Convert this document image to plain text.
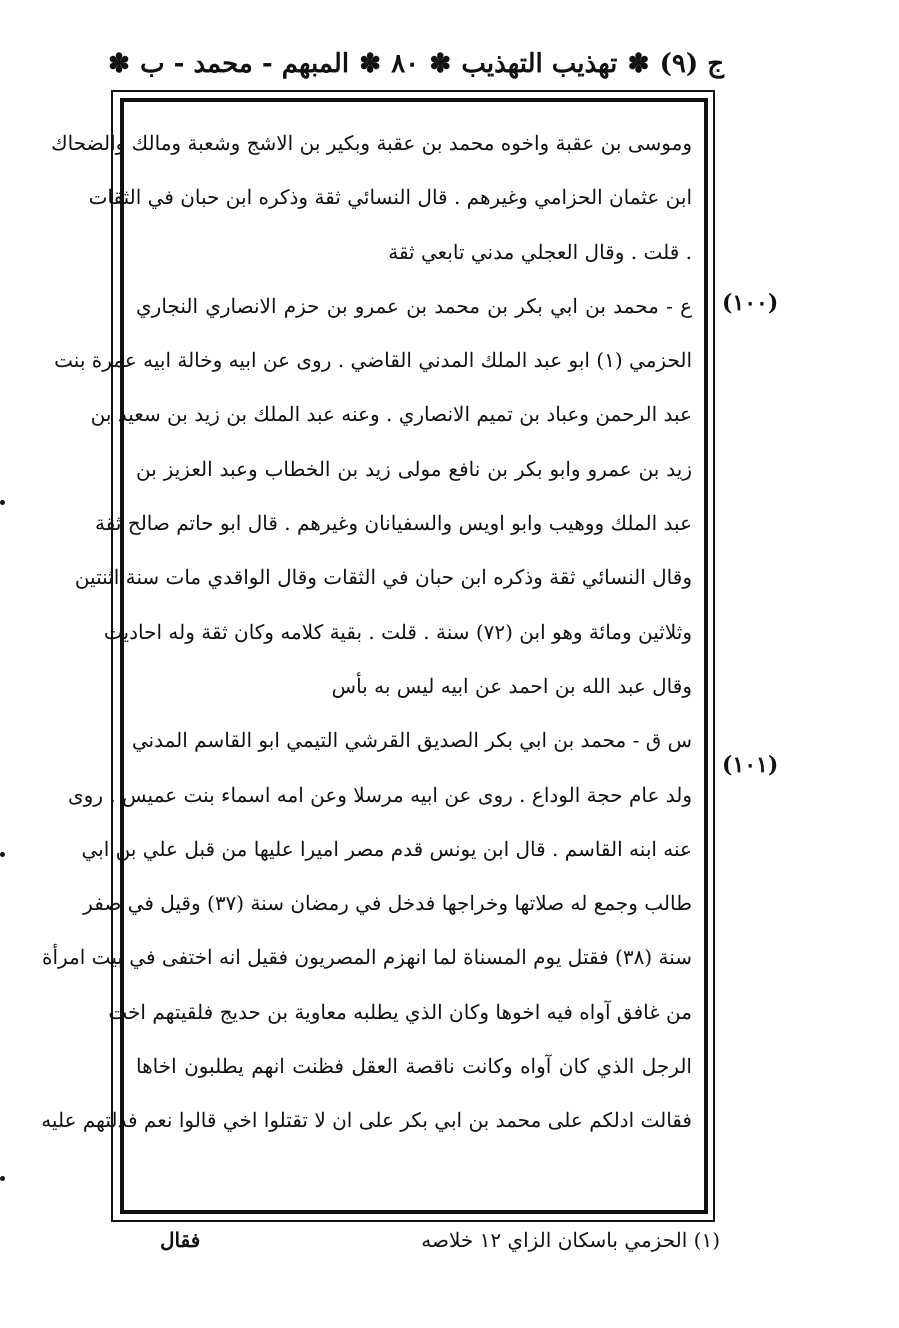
ج (٩)
✽
تهذيب التهذيب
✽
٨٠
✽
المبهم - محمد - ب
✽
وموسى بن عقبة واخوه محمد بن عقبة وبكير بن الاشج وشعبة ومالك والضحاك
ابن عثمان الحزامي وغيرهم . قال النسائي ثقة وذكره ابن حبان في الثقات
. قلت . وقال العجلي مدني تابعي ثقة
ع - محمد بن ابي بكر بن محمد بن عمرو بن حزم الانصاري النجاري
الحزمي (١) ابو عبد الملك المدني القاضي . روى عن ابيه وخالة ابيه عمرة بنت
عبد الرحمن وعباد بن تميم الانصاري . وعنه عبد الملك بن زيد بن سعيد بن
زيد بن عمرو وابو بكر بن نافع مولى زيد بن الخطاب وعبد العزيز بن
عبد الملك ووهيب وابو اويس والسفيانان وغيرهم . قال ابو حاتم صالح ثقة
وقال النسائي ثقة وذكره ابن حبان في الثقات وقال الواقدي مات سنة اثنتين
وثلاثين ومائة وهو ابن (٧٢) سنة . قلت . بقية كلامه وكان ثقة وله احاديث
وقال عبد الله بن احمد عن ابيه ليس به بأس
س ق - محمد بن ابي بكر الصديق القرشي التيمي ابو القاسم المدني
ولد عام حجة الوداع . روى عن ابيه مرسلا وعن امه اسماء بنت عميس . روى
عنه ابنه القاسم . قال ابن يونس قدم مصر اميرا عليها من قبل علي بن ابي
طالب وجمع له صلاتها وخراجها فدخل في رمضان سنة (٣٧) وقيل في صفر
سنة (٣٨) فقتل يوم المسناة لما انهزم المصريون فقيل انه اختفى في بيت امرأة
من غافق آواه فيه اخوها وكان الذي يطلبه معاوية بن حديج فلقيتهم اخت
الرجل الذي كان آواه وكانت ناقصة العقل فظنت انهم يطلبون اخاها
فقالت ادلكم على محمد بن ابي بكر على ان لا تقتلوا اخي قالوا نعم فدلتهم عليه
(١٠٠)
(١٠١)
(١) الحزمي باسكان الزاي ١٢ خلاصه
فقال
